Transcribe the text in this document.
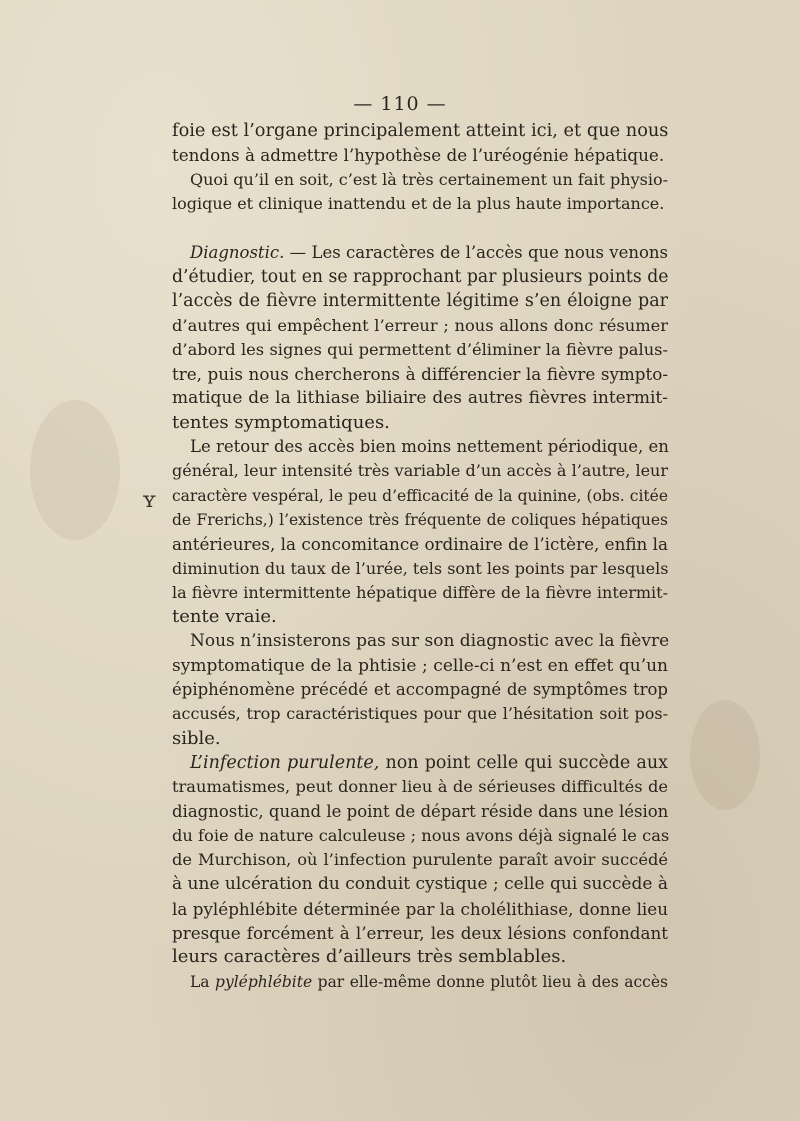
— 110 —
foie est l’organe principalement atteint ici, et que nous
tendons à admettre l’hypothèse de l’uréogénie hépatique.
Quoi qu’il en soit, c’est là très certainement un fait physio-
logique et clinique inattendu et de la plus haute importance.
Diagnostic. — Les caractères de l’accès que nous venons
d’étudier, tout en se rapprochant par plusieurs points de
l’accès de fièvre intermittente légitime s’en éloigne par
d’autres qui empêchent l’erreur ; nous allons donc résumer
d’abord les signes qui permettent d’éliminer la fièvre palus-
tre, puis nous chercherons à différencier la fièvre sympto-
matique de la lithiase biliaire des autres fièvres intermit-
tentes symptomatiques.
Le retour des accès bien moins nettement périodique, en
général, leur intensité très variable d’un accès à l’autre, leur
caractère vespéral, le peu d’efficacité de la quinine, (obs. citée
de Frerichs,) l’existence très fréquente de coliques hépatiques
antérieures, la concomitance ordinaire de l’ictère, enfin la
diminution du taux de l’urée, tels sont les points par lesquels
la fièvre intermittente hépatique diffère de la fièvre intermit-
tente vraie.
Nous n’insisterons pas sur son diagnostic avec la fièvre
symptomatique de la phtisie ; celle-ci n’est en effet qu’un
épiphénomène précédé et accompagné de symptômes trop
accusés, trop caractéristiques pour que l’hésitation soit pos-
sible.
L’infection purulente, non point celle qui succède aux
traumatismes, peut donner lieu à de sérieuses difficultés de
diagnostic, quand le point de départ réside dans une lésion
du foie de nature calculeuse ; nous avons déjà signalé le cas
de Murchison, où l’infection purulente paraît avoir succédé
à une ulcération du conduit cystique ; celle qui succède à
la pyléphlébite déterminée par la cholélithiase, donne lieu
presque forcément à l’erreur, les deux lésions confondant
leurs caractères d’ailleurs très semblables.
La pyléphlébite par elle-même donne plutôt lieu à des accès
ʏ
